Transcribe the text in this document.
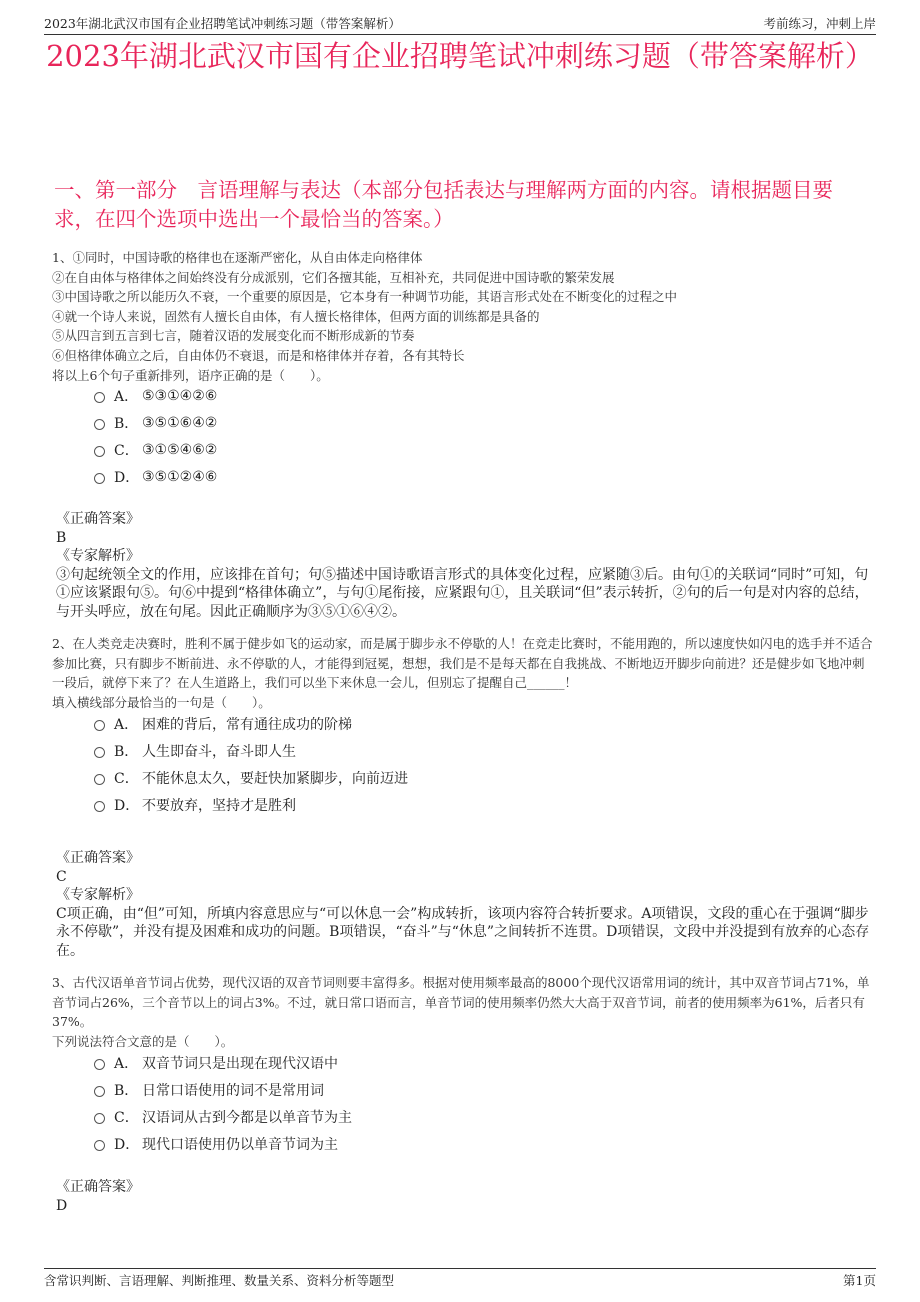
2023年湖北武汉市国有企业招聘笔试冲刺练习题（带答案解析）	考前练习，冲刺上岸
2023年湖北武汉市国有企业招聘笔试冲刺练习题（带答案解析）
一、第一部分　言语理解与表达（本部分包括表达与理解两方面的内容。请根据题目要求，在四个选项中选出一个最恰当的答案。）

1、①同时，中国诗歌的格律也在逐渐严密化，从自由体走向格律体

②在自由体与格律体之间始终没有分成派别，它们各擅其能，互相补充，共同促进中国诗歌的繁荣发展

③中国诗歌之所以能历久不衰，一个重要的原因是，它本身有一种调节功能，其语言形式处在不断变化的过程之中

④就一个诗人来说，固然有人擅长自由体，有人擅长格律体，但两方面的训练都是具备的

⑤从四言到五言到七言，随着汉语的发展变化而不断形成新的节奏

⑥但格律体确立之后，自由体仍不衰退，而是和格律体并存着，各有其特长

将以上6个句子重新排列，语序正确的是（　　）。

A． ⑤③①④②⑥
B． ③⑤①⑥④②
C． ③①⑤④⑥②
D． ③⑤①②④⑥

《正确答案》

B

《专家解析》

③句起统领全文的作用，应该排在首句；句⑤描述中国诗歌语言形式的具体变化过程，应紧随③后。由句①的关联词“同时”可知，句①应该紧跟句⑤。句⑥中提到“格律体确立”，与句①尾衔接，应紧跟句①，且关联词“但”表示转折，②句的后一句是对内容的总结，与开头呼应，放在句尾。因此正确顺序为③⑤①⑥④②。

2、在人类竞走决赛时，胜利不属于健步如飞的运动家，而是属于脚步永不停歇的人！在竞走比赛时，不能用跑的，所以速度快如闪电的选手并不适合参加比赛，只有脚步不断前进、永不停歇的人，才能得到冠冕，想想，我们是不是每天都在自我挑战、不断地迈开脚步向前进？还是健步如飞地冲刺一段后，就停下来了？在人生道路上，我们可以坐下来休息一会儿，但别忘了提醒自己______！

填入横线部分最恰当的一句是（　　）。

A． 困难的背后，常有通往成功的阶梯
B． 人生即奋斗，奋斗即人生
C． 不能休息太久，要赶快加紧脚步，向前迈进
D． 不要放弃，坚持才是胜利

《正确答案》

C

《专家解析》

C项正确，由“但”可知，所填内容意思应与“可以休息一会”构成转折，该项内容符合转折要求。A项错误，文段的重心在于强调“脚步永不停歇”，并没有提及困难和成功的问题。B项错误，“奋斗”与“休息”之间转折不连贯。D项错误，文段中并没提到有放弃的心态存在。

3、古代汉语单音节词占优势，现代汉语的双音节词则要丰富得多。根据对使用频率最高的8000个现代汉语常用词的统计，其中双音节词占71%，单音节词占26%，三个音节以上的词占3%。不过，就日常口语而言，单音节词的使用频率仍然大大高于双音节词，前者的使用频率为61%，后者只有37%。

下列说法符合文意的是（　　）。

A． 双音节词只是出现在现代汉语中
B． 日常口语使用的词不是常用词
C． 汉语词从古到今都是以单音节为主
D． 现代口语使用仍以单音节词为主

《正确答案》

D

含常识判断、言语理解、判断推理、数量关系、资料分析等题型	第1页
